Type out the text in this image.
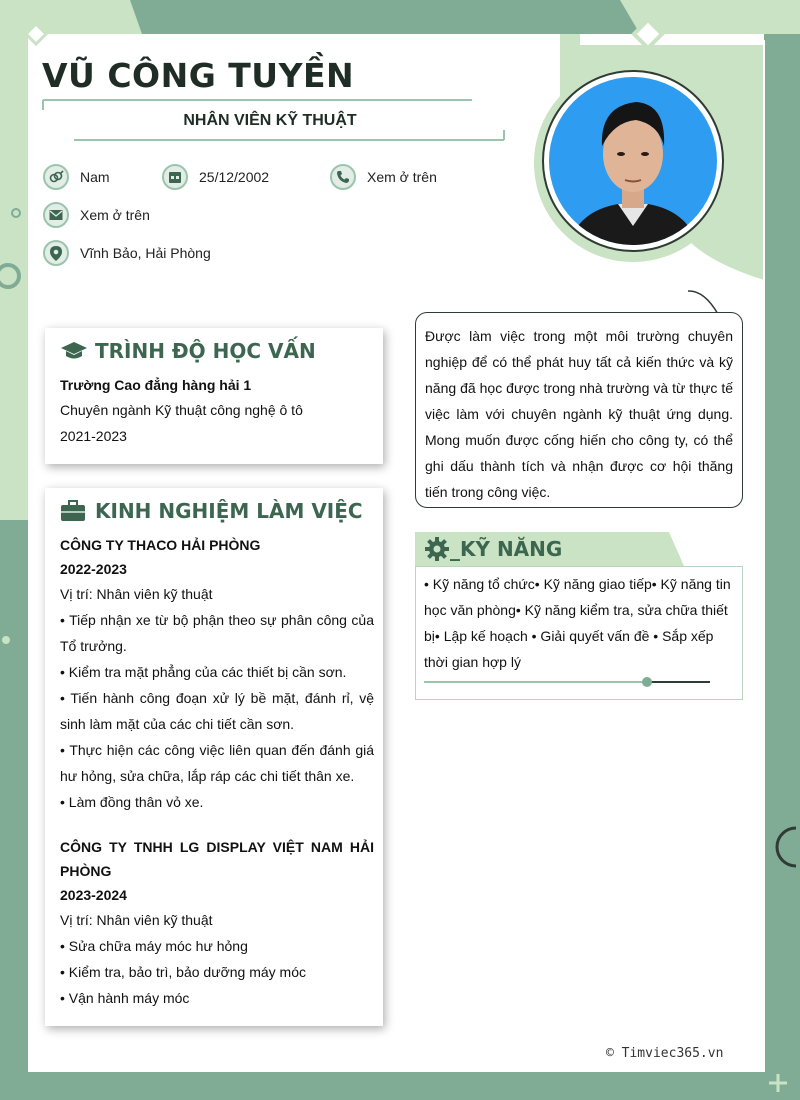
VŨ CÔNG TUYỀN
NHÂN VIÊN KỸ THUẬT
Nam	25/12/2002	Xem ở trên
Xem ở trên
Vĩnh Bảo, Hải Phòng
TRÌNH ĐỘ HỌC VẤN
Trường Cao đẳng hàng hải 1
Chuyên ngành Kỹ thuật công nghệ ô tô
2021-2023
KINH NGHIỆM LÀM VIỆC
CÔNG TY THACO HẢI PHÒNG
2022-2023
Vị trí: Nhân viên kỹ thuật
• Tiếp nhận xe từ bộ phận theo sự phân công của
Tổ trưởng.
• Kiểm tra mặt phẳng của các thiết bị cần sơn.
• Tiến hành công đoạn xử lý bề mặt, đánh rỉ, vệ
sinh làm mặt của các chi tiết cần sơn.
• Thực hiện các công việc liên quan đến đánh giá
hư hỏng, sửa chữa, lắp ráp các chi tiết thân xe.
• Làm đồng thân vỏ xe.
CÔNG TY TNHH LG DISPLAY VIỆT NAM HẢI
PHÒNG
2023-2024
Vị trí: Nhân viên kỹ thuật
• Sửa chữa máy móc hư hỏng
• Kiểm tra, bảo trì, bảo dưỡng máy móc
• Vận hành máy móc
Được làm việc trong một môi trường chuyên nghiệp để có thể phát huy tất cả kiến thức và kỹ năng đã học được trong nhà trường và từ thực tế việc làm với chuyên ngành kỹ thuật ứng dụng. Mong muốn được cống hiến cho công ty, có thể ghi dấu thành tích và nhận được cơ hội thăng tiến trong công việc.
_KỸ NĂNG
• Kỹ năng tổ chức• Kỹ năng giao tiếp• Kỹ năng tin học văn phòng• Kỹ năng kiểm tra, sửa chữa thiết bị• Lập kế hoạch • Giải quyết vấn đề • Sắp xếp thời gian hợp lý
© Timviec365.vn
